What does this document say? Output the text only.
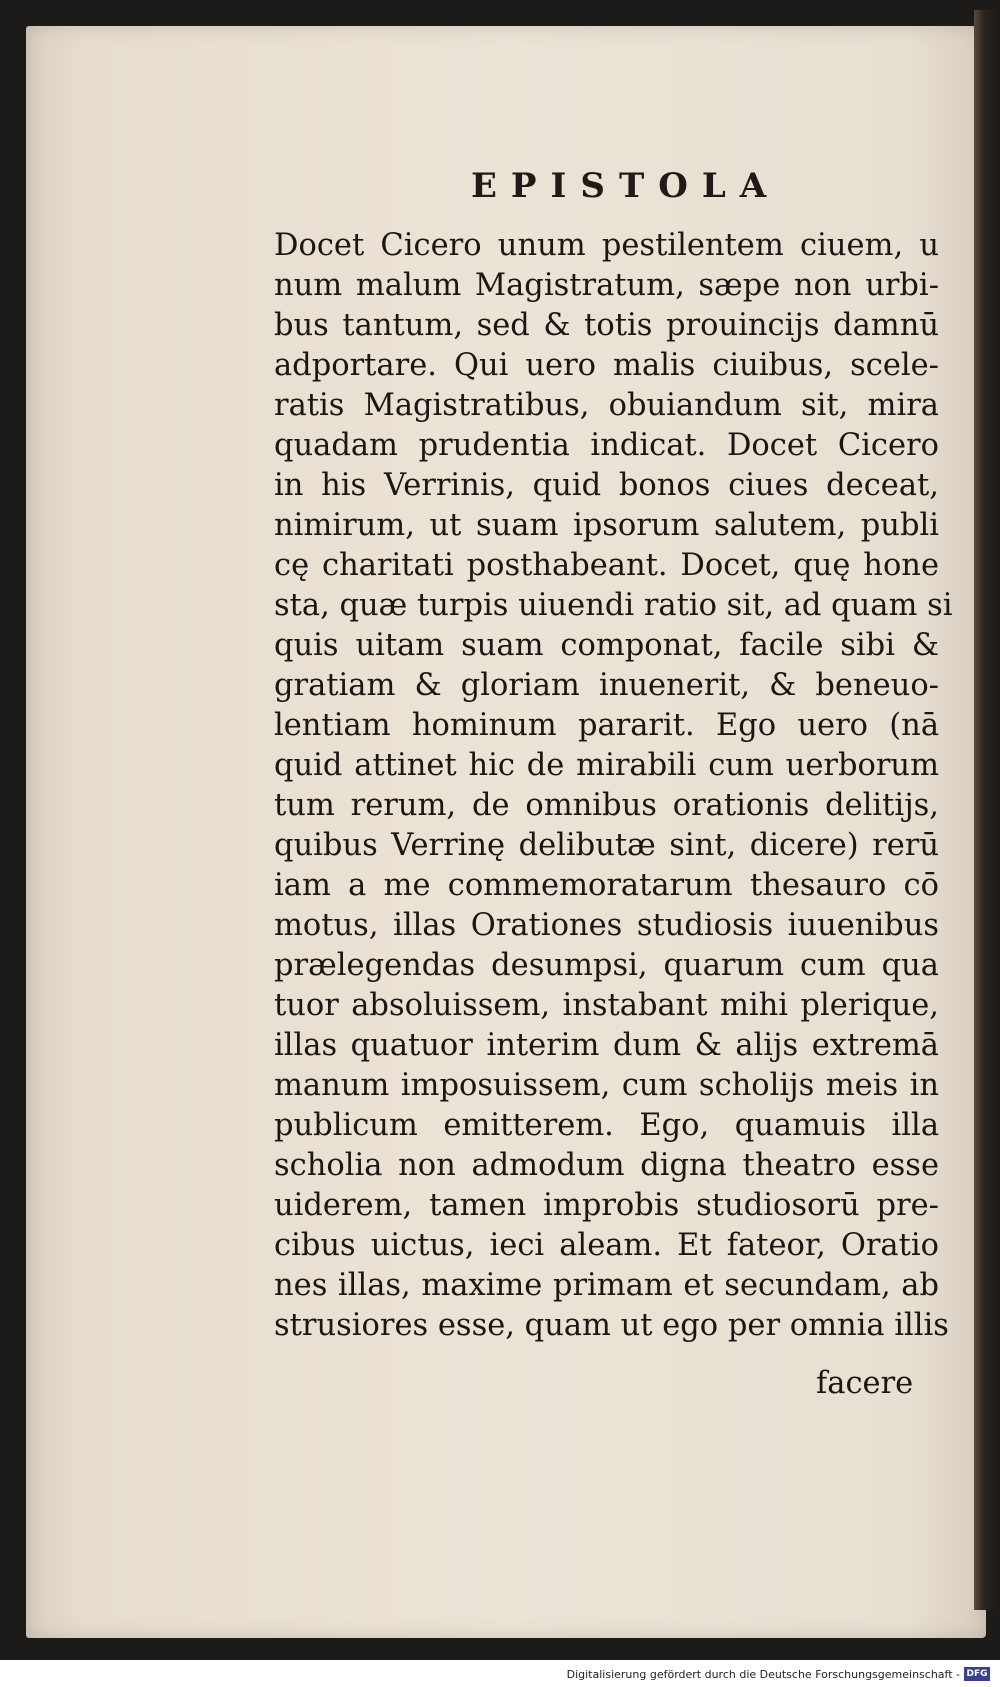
EPISTOLA
Docet Cicero unum pestilentem ciuem, u
num malum Magistratum, sæpe non urbi-
bus tantum, sed & totis prouincijs damnū
adportare. Qui uero malis ciuibus, scele-
ratis Magistratibus, obuiandum sit, mira
quadam prudentia indicat. Docet Cicero
in his Verrinis, quid bonos ciues deceat,
nimirum, ut suam ipsorum salutem, publi
cę charitati posthabeant. Docet, quę hone
sta, quæ turpis uiuendi ratio sit, ad quam si
quis uitam suam componat, facile sibi &
gratiam & gloriam inuenerit, & beneuo-
lentiam hominum pararit. Ego uero (nā
quid attinet hic de mirabili cum uerborum
tum rerum, de omnibus orationis delitijs,
quibus Verrinę delibutæ sint, dicere) rerū
iam a me commemoratarum thesauro cō
motus, illas Orationes studiosis iuuenibus
prælegendas desumpsi, quarum cum qua
tuor absoluissem, instabant mihi plerique,
illas quatuor interim dum & alijs extremā
manum imposuissem, cum scholijs meis in
publicum emitterem. Ego, quamuis illa
scholia non admodum digna theatro esse
uiderem, tamen improbis studiosorū pre-
cibus uictus, ieci aleam. Et fateor, Oratio
nes illas, maxime primam et secundam, ab
strusiores esse, quam ut ego per omnia illis
facere
Digitalisierung gefördert durch die Deutsche Forschungsgemeinschaft - DFG
